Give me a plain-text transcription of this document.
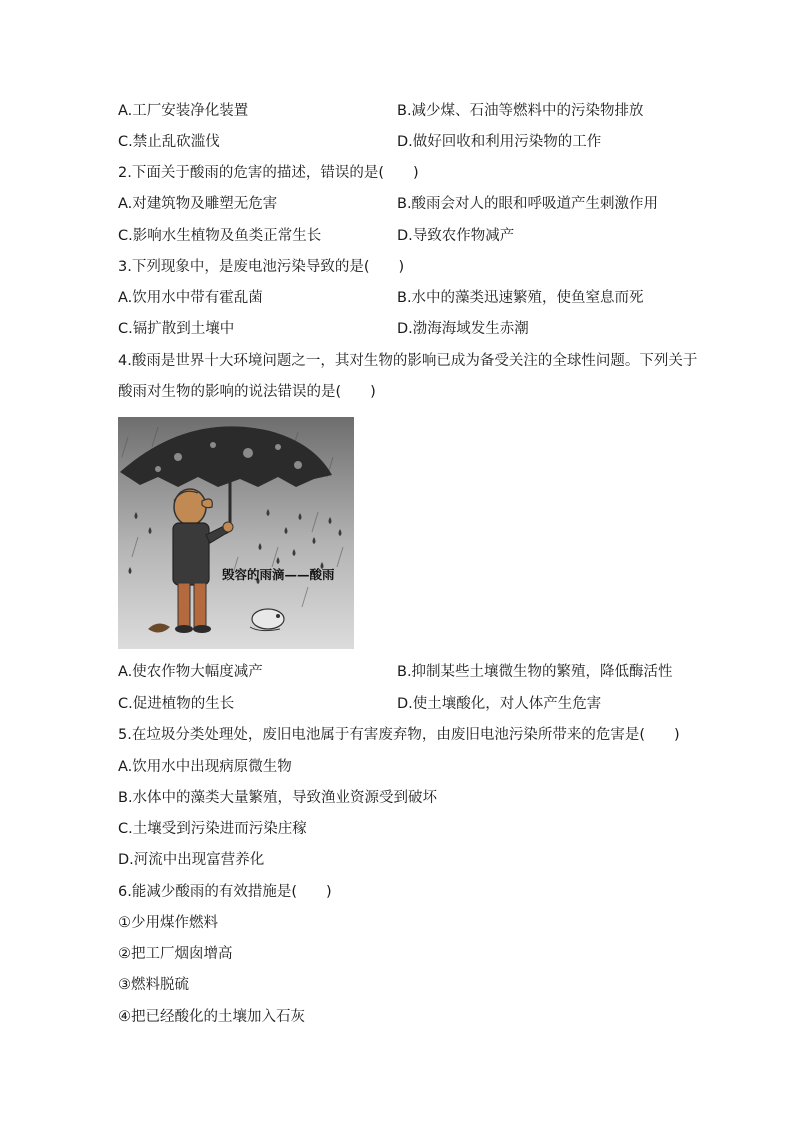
A.工厂安装净化装置	B.减少煤、石油等燃料中的污染物排放
C.禁止乱砍滥伐	D.做好回收和利用污染物的工作
2.下面关于酸雨的危害的描述，错误的是(　　)
A.对建筑物及雕塑无危害	B.酸雨会对人的眼和呼吸道产生刺激作用
C.影响水生植物及鱼类正常生长	D.导致农作物减产
3.下列现象中，是废电池污染导致的是(　　)
A.饮用水中带有霍乱菌	B.水中的藻类迅速繁殖，使鱼窒息而死
C.镉扩散到土壤中	D.渤海海域发生赤潮
4.酸雨是世界十大环境问题之一，其对生物的影响已成为备受关注的全球性问题。下列关于
酸雨对生物的影响的说法错误的是(　　)
毁容的雨滴——酸雨
A.使农作物大幅度减产	B.抑制某些土壤微生物的繁殖，降低酶活性
C.促进植物的生长	D.使土壤酸化，对人体产生危害
5.在垃圾分类处理处，废旧电池属于有害废弃物，由废旧电池污染所带来的危害是(　　)
A.饮用水中出现病原微生物
B.水体中的藻类大量繁殖，导致渔业资源受到破坏
C.土壤受到污染进而污染庄稼
D.河流中出现富营养化
6.能减少酸雨的有效措施是(　　)
①少用煤作燃料
②把工厂烟囱增高
③燃料脱硫
④把已经酸化的土壤加入石灰
